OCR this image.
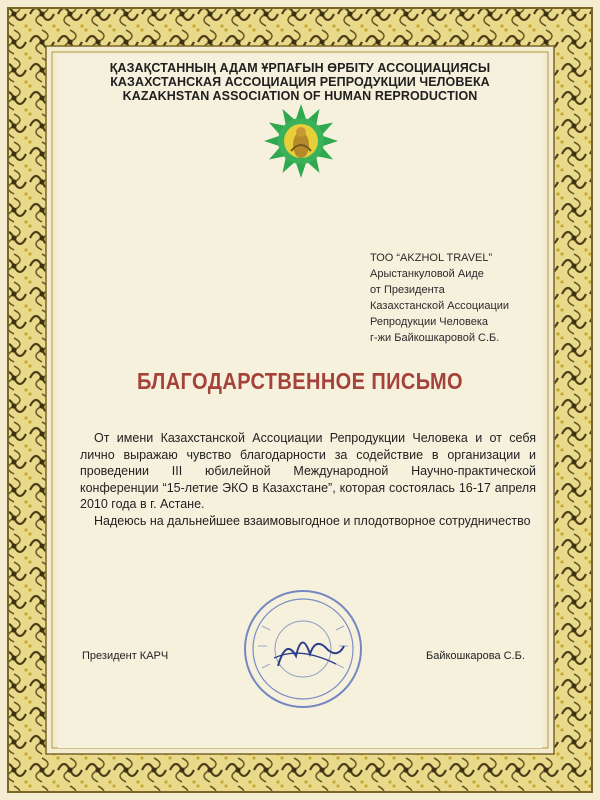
ҚАЗАҚСТАННЫҢ АДАМ ҰРПАҒЫН ӨРБІТУ АССОЦИАЦИЯСЫ
КАЗАХСТАНСКАЯ АССОЦИАЦИЯ РЕПРОДУКЦИИ ЧЕЛОВЕКА
KAZAKHSTAN ASSOCIATION OF HUMAN REPRODUCTION
ТОО “AKZHOL TRAVEL”
Арыстанкуловой Аиде
от Президента
Казахстанской Ассоциации
Репродукции Человека
г-жи Байкошкаровой С.Б.
БЛАГОДАРСТВЕННОЕ ПИСЬМО

От имени Казахстанской Ассоциации Репродукции Человека и от себя лично выражаю чувство благодарности за содействие в организации и проведении III юбилейной Международной Научно-практической конференции “15-летие ЭКО в Казахстане”, которая состоялась 16-17 апреля 2010 года в г. Астане.

Надеюсь на дальнейшее взаимовыгодное и плодотворное сотрудничество

Президент КАРЧ	Байкошкарова С.Б.
